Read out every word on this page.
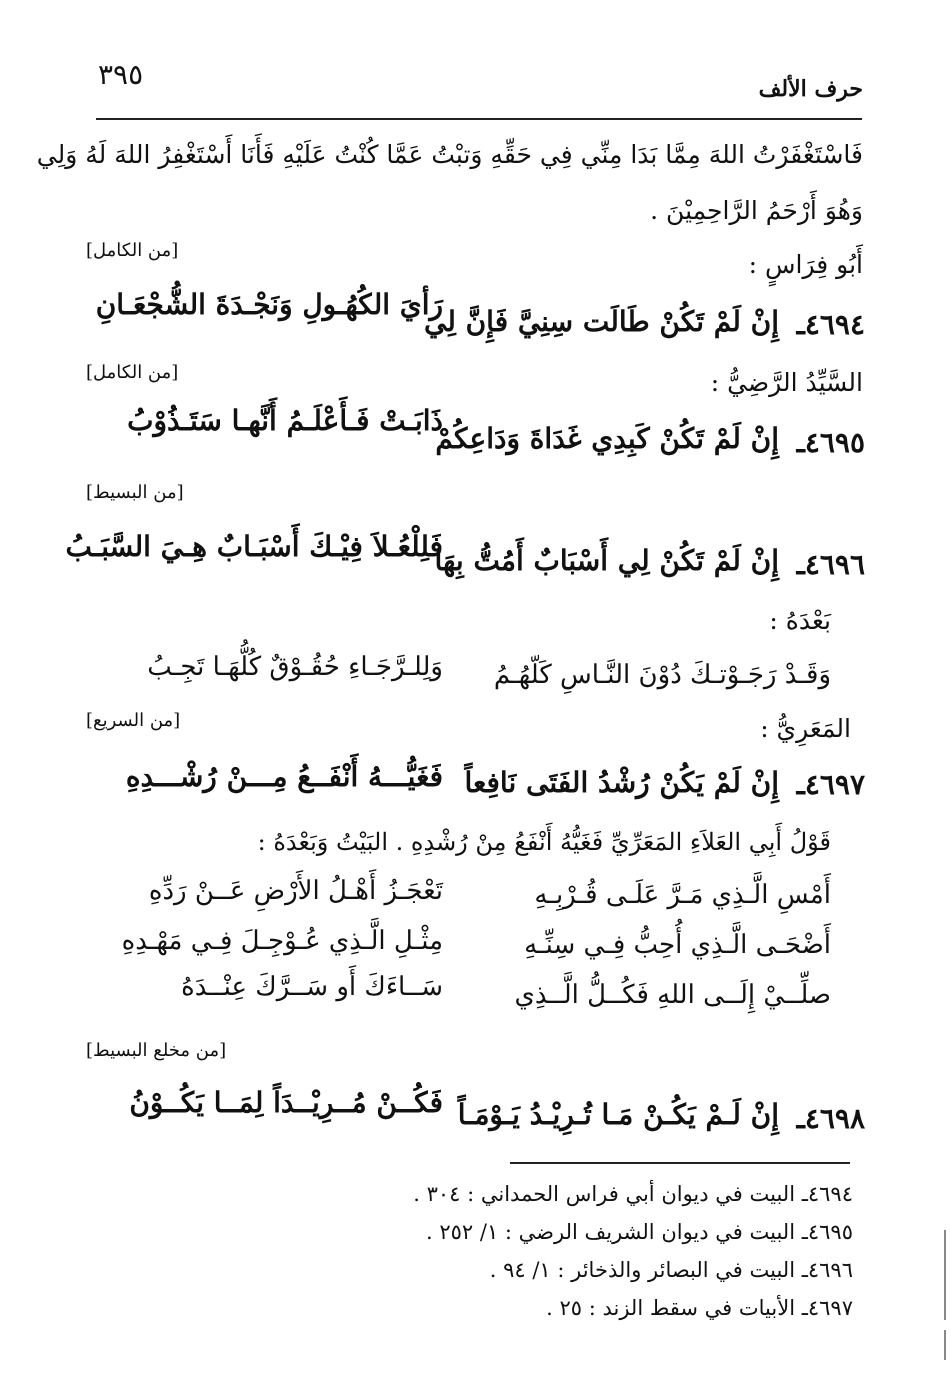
٣٩٥	حرف الألف
فَاسْتَغْفَرْتُ اللهَ مِمَّا بَدَا مِنِّي فِي حَقِّهِ وَتبْتُ عَمَّا كُنْتُ عَلَيْهِ فَأَنَا أَسْتَغْفِرُ اللهَ لَهُ وَلِي
وَهُوَ أَرْحَمُ الرَّاحِمِيْنَ .
[من الكامل]	أَبُو فِرَاسٍ :
٤٦٩٤ـ
إِنْ لَمْ تَكُنْ طَالَت سِنِيَّ فَإِنَّ لِي
رَأيَ الكُهُـولِ وَنَجْـدَةَ الشُّجْعَـانِ
[من الكامل]	السَّيِّدُ الرَّضِيُّ :
٤٦٩٥ـ
إِنْ لَمْ تَكُنْ كَبِدِي غَدَاةَ وَدَاعِكُمْ
ذَابَـتْ فَـأَعْلَـمُ أَنَّهـا سَتَـذُوْبُ
[من البسيط]
٤٦٩٦ـ
إِنْ لَمْ تَكُنْ لِي أَسْبَابٌ أَمُتُّ بِهَا
فَلِلْعُـلاَ فِيْـكَ أَسْبَـابٌ هِـيَ السَّبَـبُ
بَعْدَهُ :
وَقَـدْ رَجَـوْتـكَ دُوْنَ النَّـاسِ كَلّهُـمُ
وَلِلـرَّجَـاءِ حُقُـوْقٌ كُلُّهَـا تَجِـبُ
[من السريع]	المَعَرِيُّ :
٤٦٩٧ـ
إِنْ لَمْ يَكُنْ رُشْدُ الفَتَى نَافِعاً
فَغَيُّـــهُ أَنْفَــعُ مِـــنْ رُشْـــدِهِ
قَوْلُ أَبِي العَلاَءِ المَعَرِّيِّ فَغَيُّهُ أَنْفَعُ مِنْ رُشْدِهِ . البَيْتُ وَبَعْدَهُ :
أَمْسِ الَّـذِي مَـرَّ عَلَـى قُـرْبِـهِ
تَعْجَـزُ أَهْـلُ الأَرْضِ عَــنْ رَدِّهِ
أَضْحَـى الَّـذِي أُحِبُّ فِـي سِنِّـهِ
مِثْـلِ الَّـذِي عُـوْجِـلَ فِـي مَهْـدِهِ
صلِّــيْ إِلَــى اللهِ فَكُــلُّ الَّــذِي
سَــاءَكَ أَو سَــرَّكَ عِنْــدَهُ
[من مخلع البسيط]
٤٦٩٨ـ
إِنْ لَـمْ يَكُـنْ مَـا تُـرِيْـدُ يَـوْمَـاً
فَكُــنْ مُــرِيْــدَاً لِمَــا يَكُــوْنُ
٤٦٩٤ـ البيت في ديوان أبي فراس الحمداني : ٣٠٤ .
٤٦٩٥ـ البيت في ديوان الشريف الرضي : ١/ ٢٥٢ .
٤٦٩٦ـ البيت في البصائر والذخائر : ١/ ٩٤ .
٤٦٩٧ـ الأبيات في سقط الزند : ٢٥ .
